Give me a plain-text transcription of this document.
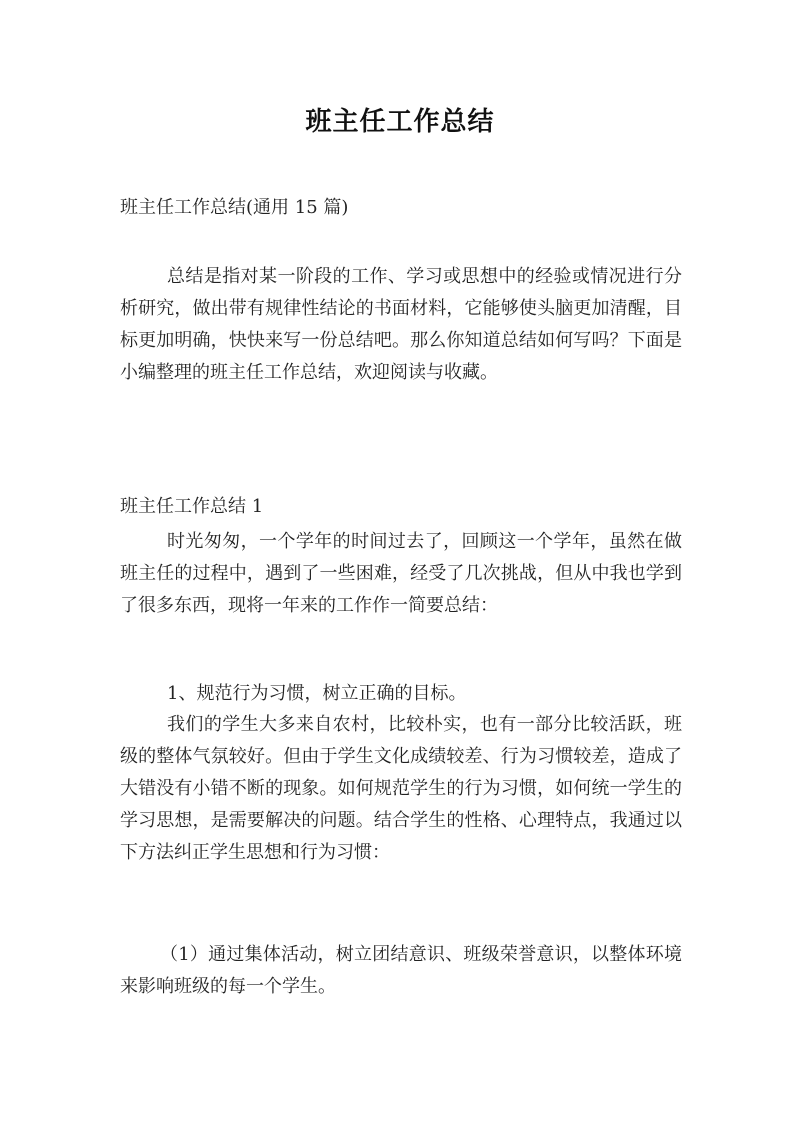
班主任工作总结
班主任工作总结(通用 15 篇)
总结是指对某一阶段的工作、学习或思想中的经验或情况进行分析研究，做出带有规律性结论的书面材料，它能够使头脑更加清醒，目标更加明确，快快来写一份总结吧。那么你知道总结如何写吗？下面是小编整理的班主任工作总结，欢迎阅读与收藏。
班主任工作总结 1
时光匆匆，一个学年的时间过去了，回顾这一个学年，虽然在做班主任的过程中，遇到了一些困难，经受了几次挑战，但从中我也学到了很多东西，现将一年来的工作作一简要总结：
1、规范行为习惯，树立正确的目标。
我们的学生大多来自农村，比较朴实，也有一部分比较活跃，班级的整体气氛较好。但由于学生文化成绩较差、行为习惯较差，造成了大错没有小错不断的现象。如何规范学生的行为习惯，如何统一学生的学习思想，是需要解决的问题。结合学生的性格、心理特点，我通过以下方法纠正学生思想和行为习惯：
（1）通过集体活动，树立团结意识、班级荣誉意识，以整体环境来影响班级的每一个学生。
